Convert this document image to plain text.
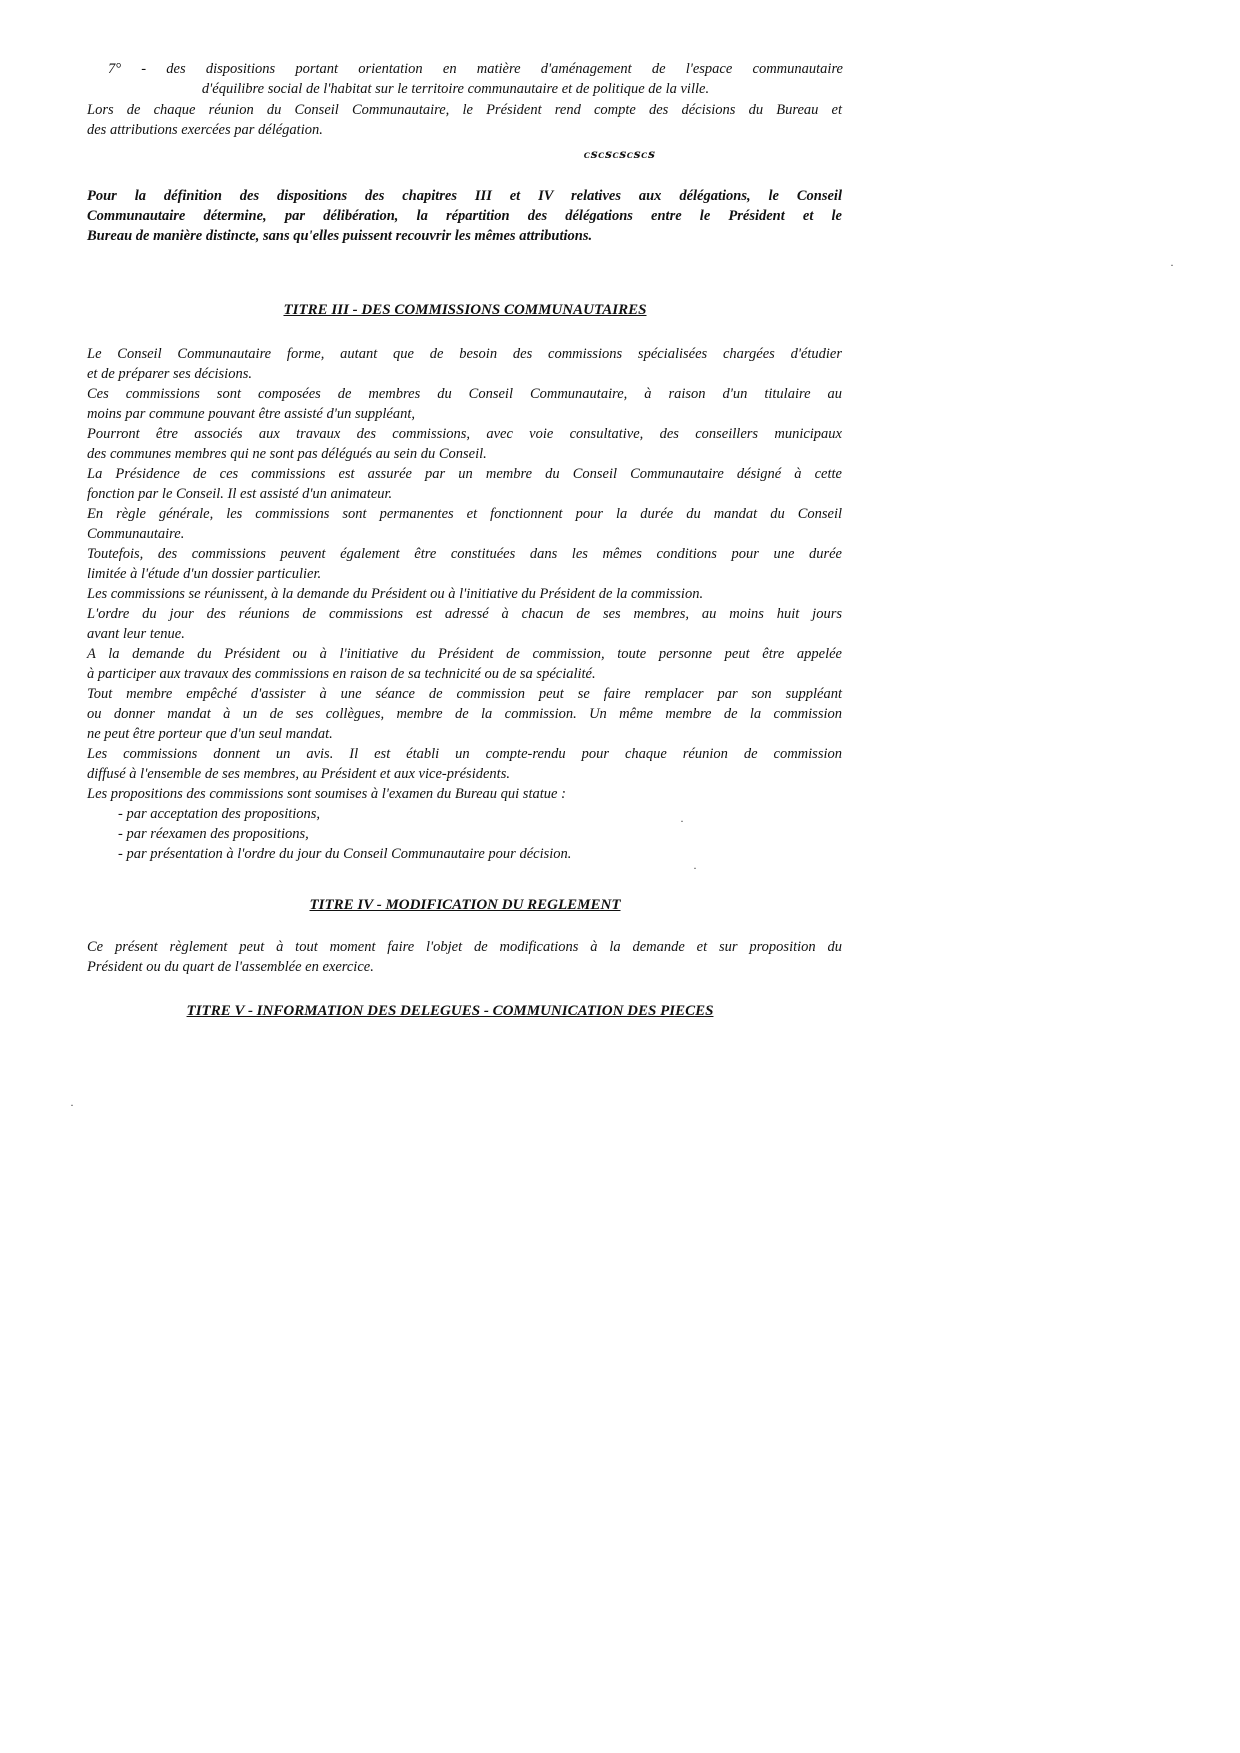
7° - des dispositions portant orientation en matière d'aménagement de l'espace communautaire
d'équilibre social de l'habitat sur le territoire communautaire et de politique de la ville.
Lors de chaque réunion du Conseil Communautaire, le Président rend compte des décisions du Bureau et
des attributions exercées par délégation.
ᴄꜱᴄꜱᴄꜱᴄꜱᴄꜱ
Pour la définition des dispositions des chapitres III et IV relatives aux délégations, le Conseil
Communautaire détermine, par délibération, la répartition des délégations entre le Président et le
Bureau de manière distincte, sans qu'elles puissent recouvrir les mêmes attributions.
TITRE III - DES COMMISSIONS COMMUNAUTAIRES
Le Conseil Communautaire forme, autant que de besoin des commissions spécialisées chargées d'étudier
et de préparer ses décisions.
Ces commissions sont composées de membres du Conseil Communautaire, à raison d'un titulaire au
moins par commune pouvant être assisté d'un suppléant,
Pourront être associés aux travaux des commissions, avec voie consultative, des conseillers municipaux
des communes membres qui ne sont pas délégués au sein du Conseil.
La Présidence de ces commissions est assurée par un membre du Conseil Communautaire désigné à cette
fonction par le Conseil. Il est assisté d'un animateur.
En règle générale, les commissions sont permanentes et fonctionnent pour la durée du mandat du Conseil
Communautaire.
Toutefois, des commissions peuvent également être constituées dans les mêmes conditions pour une durée
limitée à l'étude d'un dossier particulier.
Les commissions se réunissent, à la demande du Président ou à l'initiative du Président de la commission.
L'ordre du jour des réunions de commissions est adressé à chacun de ses membres, au moins huit jours
avant leur tenue.
A la demande du Président ou à l'initiative du Président de commission, toute personne peut être appelée
à participer aux travaux des commissions en raison de sa technicité ou de sa spécialité.
Tout membre empêché d'assister à une séance de commission peut se faire remplacer par son suppléant
ou donner mandat à un de ses collègues, membre de la commission. Un même membre de la commission
ne peut être porteur que d'un seul mandat.
Les commissions donnent un avis. Il est établi un compte-rendu pour chaque réunion de commission
diffusé à l'ensemble de ses membres, au Président et aux vice-présidents.
Les propositions des commissions sont soumises à l'examen du Bureau qui statue :
- par acceptation des propositions,
- par réexamen des propositions,
- par présentation à l'ordre du jour du Conseil Communautaire pour décision.
TITRE IV - MODIFICATION DU REGLEMENT
Ce présent règlement peut à tout moment faire l'objet de modifications à la demande et sur proposition du
Président ou du quart de l'assemblée en exercice.
TITRE V - INFORMATION DES DELEGUES - COMMUNICATION DES PIECES
·
·
·
·
